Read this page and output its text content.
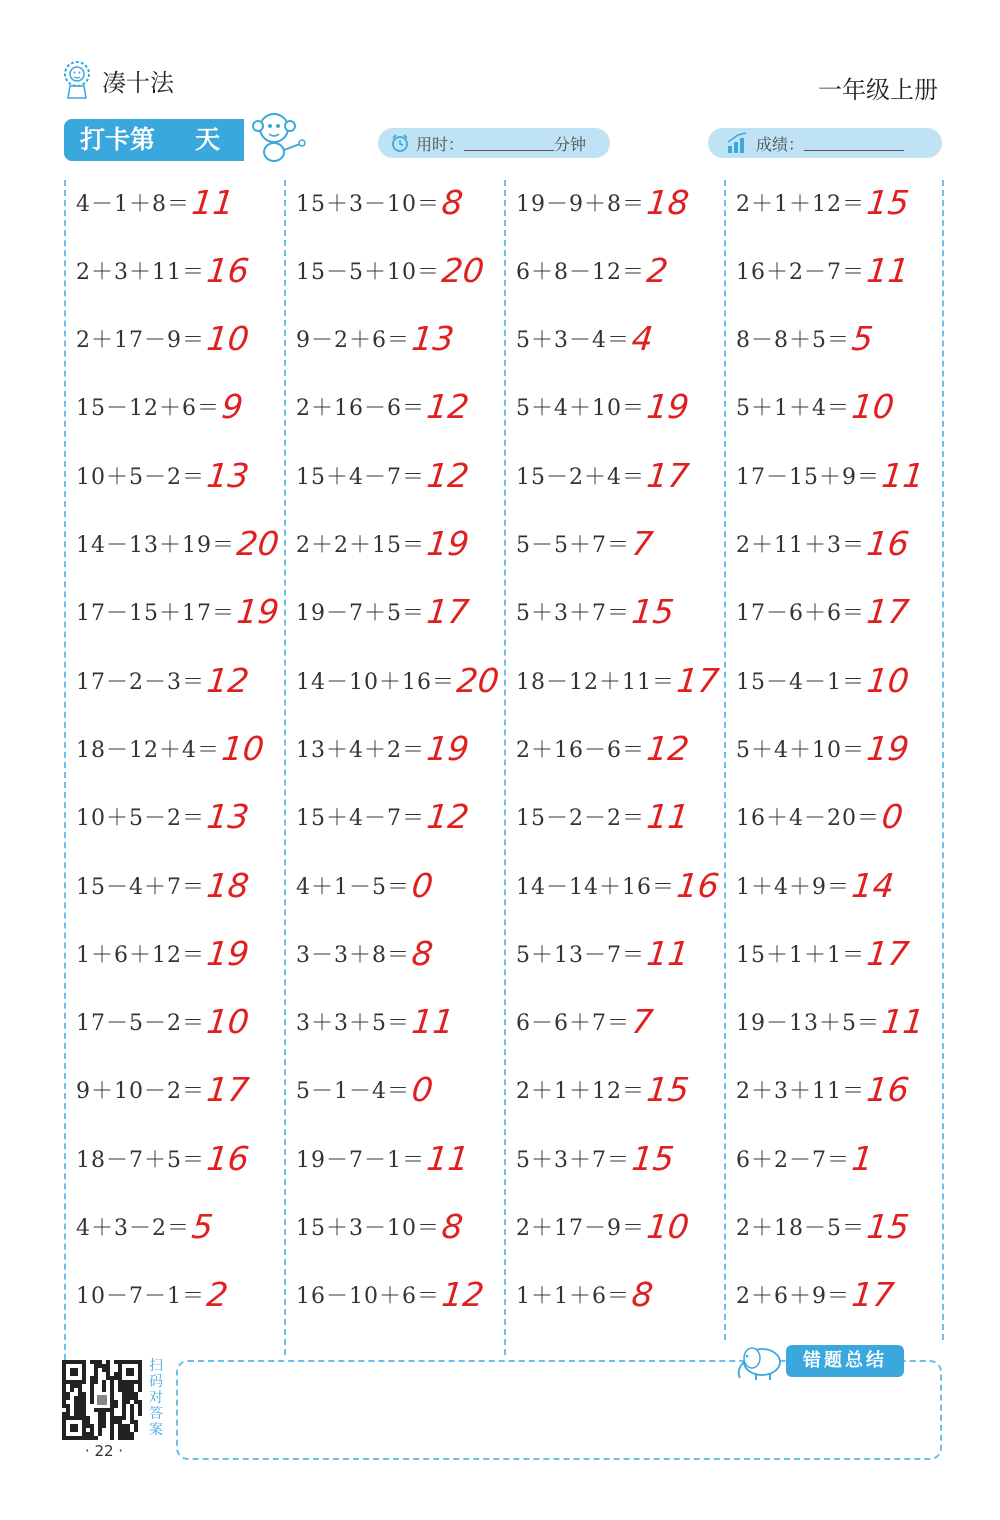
凑十法	一年级上册
打卡第 天	用时：	分钟	成绩：
4－1＋8＝ 11
2＋3＋11＝ 16
2＋17－9＝ 10
15－12＋6＝ 9
10＋5－2＝ 13
14－13＋19＝ 20
17－15＋17＝ 19
17－2－3＝ 12
18－12＋4＝ 10
10＋5－2＝ 13
15－4＋7＝ 18
1＋6＋12＝ 19
17－5－2＝ 10
9＋10－2＝ 17
18－7＋5＝ 16
4＋3－2＝ 5
10－7－1＝ 2
15＋3－10＝ 8
15－5＋10＝ 20
9－2＋6＝ 13
2＋16－6＝ 12
15＋4－7＝ 12
2＋2＋15＝ 19
19－7＋5＝ 17
14－10＋16＝ 20
13＋4＋2＝ 19
15＋4－7＝ 12
4＋1－5＝ 0
3－3＋8＝ 8
3＋3＋5＝ 11
5－1－4＝ 0
19－7－1＝ 11
15＋3－10＝ 8
16－10＋6＝ 12
19－9＋8＝ 18
6＋8－12＝ 2
5＋3－4＝ 4
5＋4＋10＝ 19
15－2＋4＝ 17
5－5＋7＝ 7
5＋3＋7＝ 15
18－12＋11＝ 17
2＋16－6＝ 12
15－2－2＝ 11
14－14＋16＝ 16
5＋13－7＝ 11
6－6＋7＝ 7
2＋1＋12＝ 15
5＋3＋7＝ 15
2＋17－9＝ 10
1＋1＋6＝ 8
2＋1＋12＝ 15
16＋2－7＝ 11
8－8＋5＝ 5
5＋1＋4＝ 10
17－15＋9＝ 11
2＋11＋3＝ 16
17－6＋6＝ 17
15－4－1＝ 10
5＋4＋10＝ 19
16＋4－20＝ 0
1＋4＋9＝ 14
15＋1＋1＝ 17
19－13＋5＝ 11
2＋3＋11＝ 16
6＋2－7＝ 1
2＋18－5＝ 15
2＋6＋9＝ 17
扫码对答案
· 22 ·
错题总结
